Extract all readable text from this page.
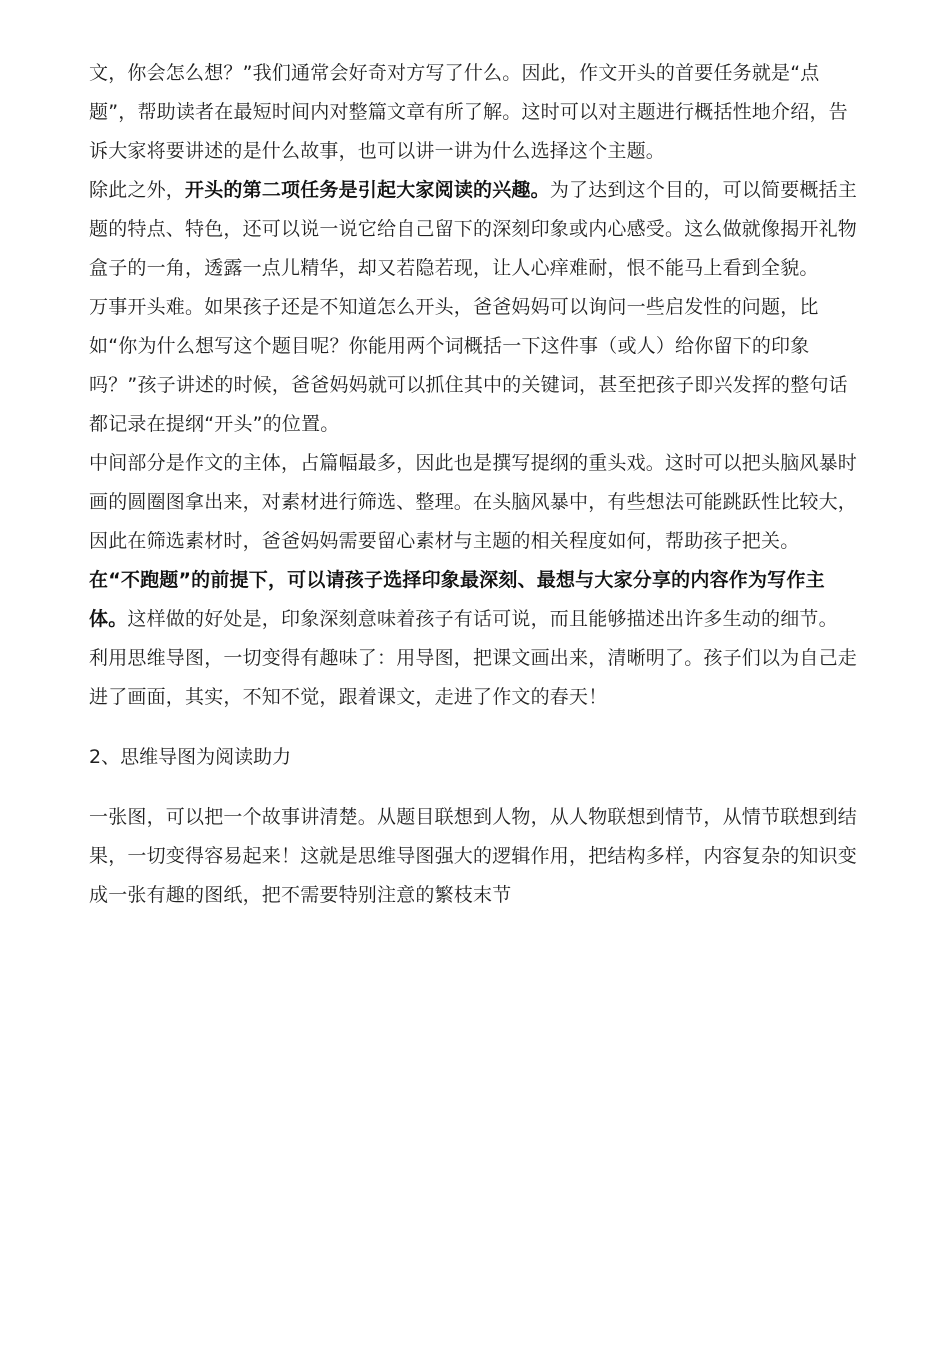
文，你会怎么想？”我们通常会好奇对方写了什么。因此，作文开头的首要任务就是“点题”，帮助读者在最短时间内对整篇文章有所了解。这时可以对主题进行概括性地介绍，告诉大家将要讲述的是什么故事，也可以讲一讲为什么选择这个主题。

除此之外，开头的第二项任务是引起大家阅读的兴趣。为了达到这个目的，可以简要概括主题的特点、特色，还可以说一说它给自己留下的深刻印象或内心感受。这么做就像揭开礼物盒子的一角，透露一点儿精华，却又若隐若现，让人心痒难耐，恨不能马上看到全貌。

万事开头难。如果孩子还是不知道怎么开头，爸爸妈妈可以询问一些启发性的问题，比如“你为什么想写这个题目呢？你能用两个词概括一下这件事（或人）给你留下的印象吗？”孩子讲述的时候，爸爸妈妈就可以抓住其中的关键词，甚至把孩子即兴发挥的整句话都记录在提纲“开头”的位置。

中间部分是作文的主体，占篇幅最多，因此也是撰写提纲的重头戏。这时可以把头脑风暴时画的圆圈图拿出来，对素材进行筛选、整理。在头脑风暴中，有些想法可能跳跃性比较大，因此在筛选素材时，爸爸妈妈需要留心素材与主题的相关程度如何，帮助孩子把关。

在“不跑题”的前提下，可以请孩子选择印象最深刻、最想与大家分享的内容作为写作主体。这样做的好处是，印象深刻意味着孩子有话可说，而且能够描述出许多生动的细节。

利用思维导图，一切变得有趣味了：用导图，把课文画出来，清晰明了。孩子们以为自己走进了画面，其实，不知不觉，跟着课文，走进了作文的春天！

2、思维导图为阅读助力

一张图，可以把一个故事讲清楚。从题目联想到人物，从人物联想到情节，从情节联想到结果，一切变得容易起来！这就是思维导图强大的逻辑作用，把结构多样，内容复杂的知识变成一张有趣的图纸，把不需要特别注意的繁枝末节
